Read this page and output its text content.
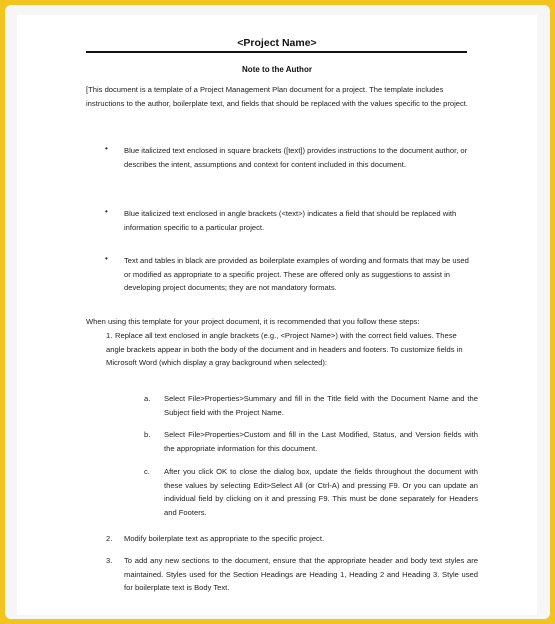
<Project Name>
Note to the Author

[This document is a template of a Project Management Plan document for a project. The template includes instructions to the author, boilerplate text, and fields that should be replaced with the values specific to the project.

• Blue italicized text enclosed in square brackets ([text]) provides instructions to the document author, or describes the intent, assumptions and context for content included in this document.

• Blue italicized text enclosed in angle brackets (<text>) indicates a field that should be replaced with information specific to a particular project.

• Text and tables in black are provided as boilerplate examples of wording and formats that may be used or modified as appropriate to a specific project. These are offered only as suggestions to assist in developing project documents; they are not mandatory formats.

When using this template for your project document, it is recommended that you follow these steps:

1. Replace all text enclosed in angle brackets (e.g., <Project Name>) with the correct field values. These angle brackets appear in both the body of the document and in headers and footers. To customize fields in Microsoft Word (which display a gray background when selected):

a. Select File>Properties>Summary and fill in the Title field with the Document Name and the Subject field with the Project Name.

b. Select File>Properties>Custom and fill in the Last Modified, Status, and Version fields with the appropriate information for this document.

c. After you click OK to close the dialog box, update the fields throughout the document with these values by selecting Edit>Select All (or Ctrl-A) and pressing F9. Or you can update an individual field by clicking on it and pressing F9. This must be done separately for Headers and Footers.

2. Modify boilerplate text as appropriate to the specific project.

3. To add any new sections to the document, ensure that the appropriate header and body text styles are maintained. Styles used for the Section Headings are Heading 1, Heading 2 and Heading 3. Style used for boilerplate text is Body Text.
